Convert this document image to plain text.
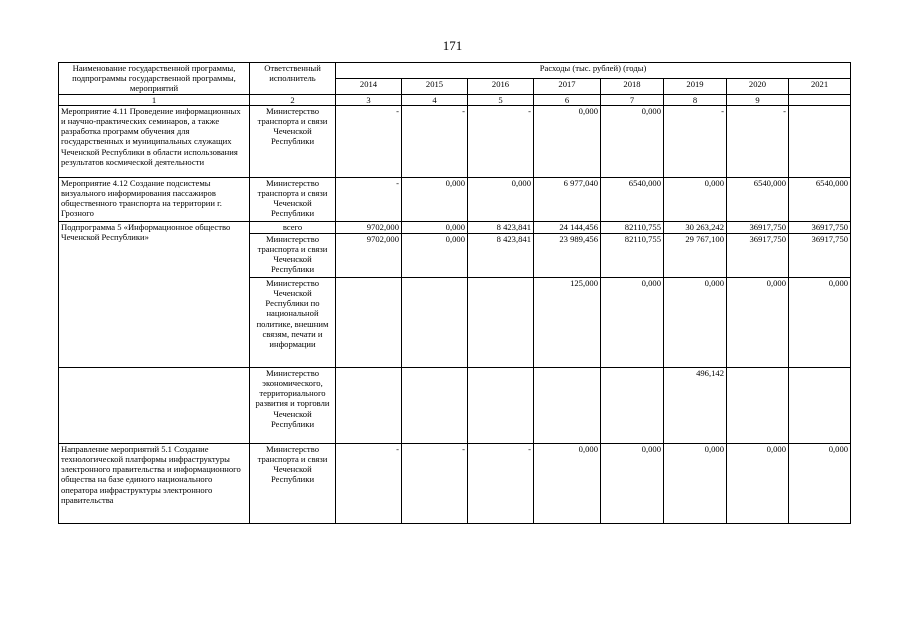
171
Наименование государственной программы, подпрограммы государственной программы, мероприятий	Ответственный исполнитель	Расходы (тыс. рублей) (годы)							
		2014	2015	2016	2017	2018	2019	2020	2021
1	2	3	4	5	6	7	8	9	
Мероприятие 4.11 Проведение информационных и научно-практических семинаров, а также разработка программ обучения для государственных и муниципальных служащих Чеченской Республики в области использования результатов космической деятельности	Министерство транспорта и связи Чеченской Республики	-	-	-	0,000	0,000	-	-	
Мероприятие 4.12 Создание подсистемы визуального информирования пассажиров общественного транспорта на территории г. Грозного	Министерство транспорта и связи Чеченской Республики	-	0,000	0,000	6 977,040	6540,000	0,000	6540,000	6540,000
Подпрограмма 5 «Информационное общество Чеченской Республики»	всего	9702,000	0,000	8 423,841	24 144,456	82110,755	30 263,242	36917,750	36917,750
	Министерство транспорта и связи Чеченской Республики	9702,000	0,000	8 423,841	23 989,456	82110,755	29 767,100	36917,750	36917,750
	Министерство Чеченской Республики по национальной политике, внешним связям, печати и информации				125,000	0,000	0,000	0,000	0,000
	Министерство экономического, территориального развития и торговли Чеченской Республики						496,142		
Направление мероприятий 5.1 Создание технологической платформы инфраструктуры электронного правительства и информационного общества на базе единого национального оператора инфраструктуры электронного правительства	Министерство транспорта и связи Чеченской Республики	-	-	-	0,000	0,000	0,000	0,000	0,000
